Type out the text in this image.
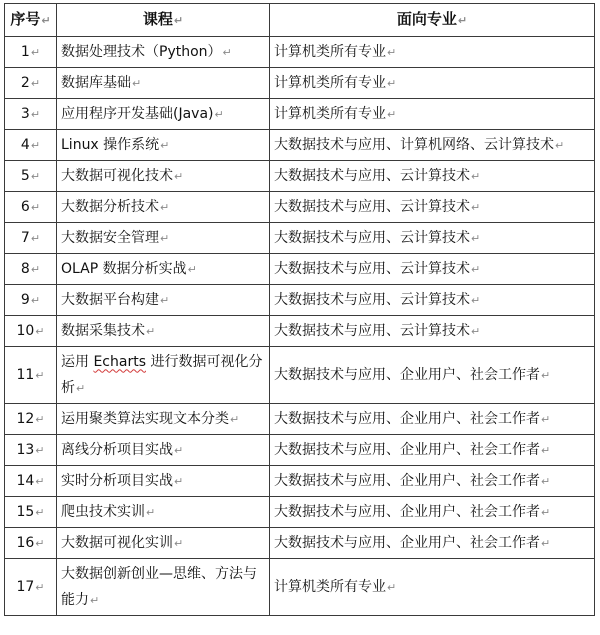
序号↵	课程↵	面向专业↵
1↵	数据处理技术（Python）↵	计算机类所有专业↵
2↵	数据库基础↵	计算机类所有专业↵
3↵	应用程序开发基础(Java)↵	计算机类所有专业↵
4↵	Linux 操作系统↵	大数据技术与应用、计算机网络、云计算技术↵
5↵	大数据可视化技术↵	大数据技术与应用、云计算技术↵
6↵	大数据分析技术↵	大数据技术与应用、云计算技术↵
7↵	大数据安全管理↵	大数据技术与应用、云计算技术↵
8↵	OLAP 数据分析实战↵	大数据技术与应用、云计算技术↵
9↵	大数据平台构建↵	大数据技术与应用、云计算技术↵
10↵	数据采集技术↵	大数据技术与应用、云计算技术↵
11↵	运用 Echarts 进行数据可视化分析↵	大数据技术与应用、企业用户、社会工作者↵
12↵	运用聚类算法实现文本分类↵	大数据技术与应用、企业用户、社会工作者↵
13↵	离线分析项目实战↵	大数据技术与应用、企业用户、社会工作者↵
14↵	实时分析项目实战↵	大数据技术与应用、企业用户、社会工作者↵
15↵	爬虫技术实训↵	大数据技术与应用、企业用户、社会工作者↵
16↵	大数据可视化实训↵	大数据技术与应用、企业用户、社会工作者↵
17↵	大数据创新创业—思维、方法与能力↵	计算机类所有专业↵
